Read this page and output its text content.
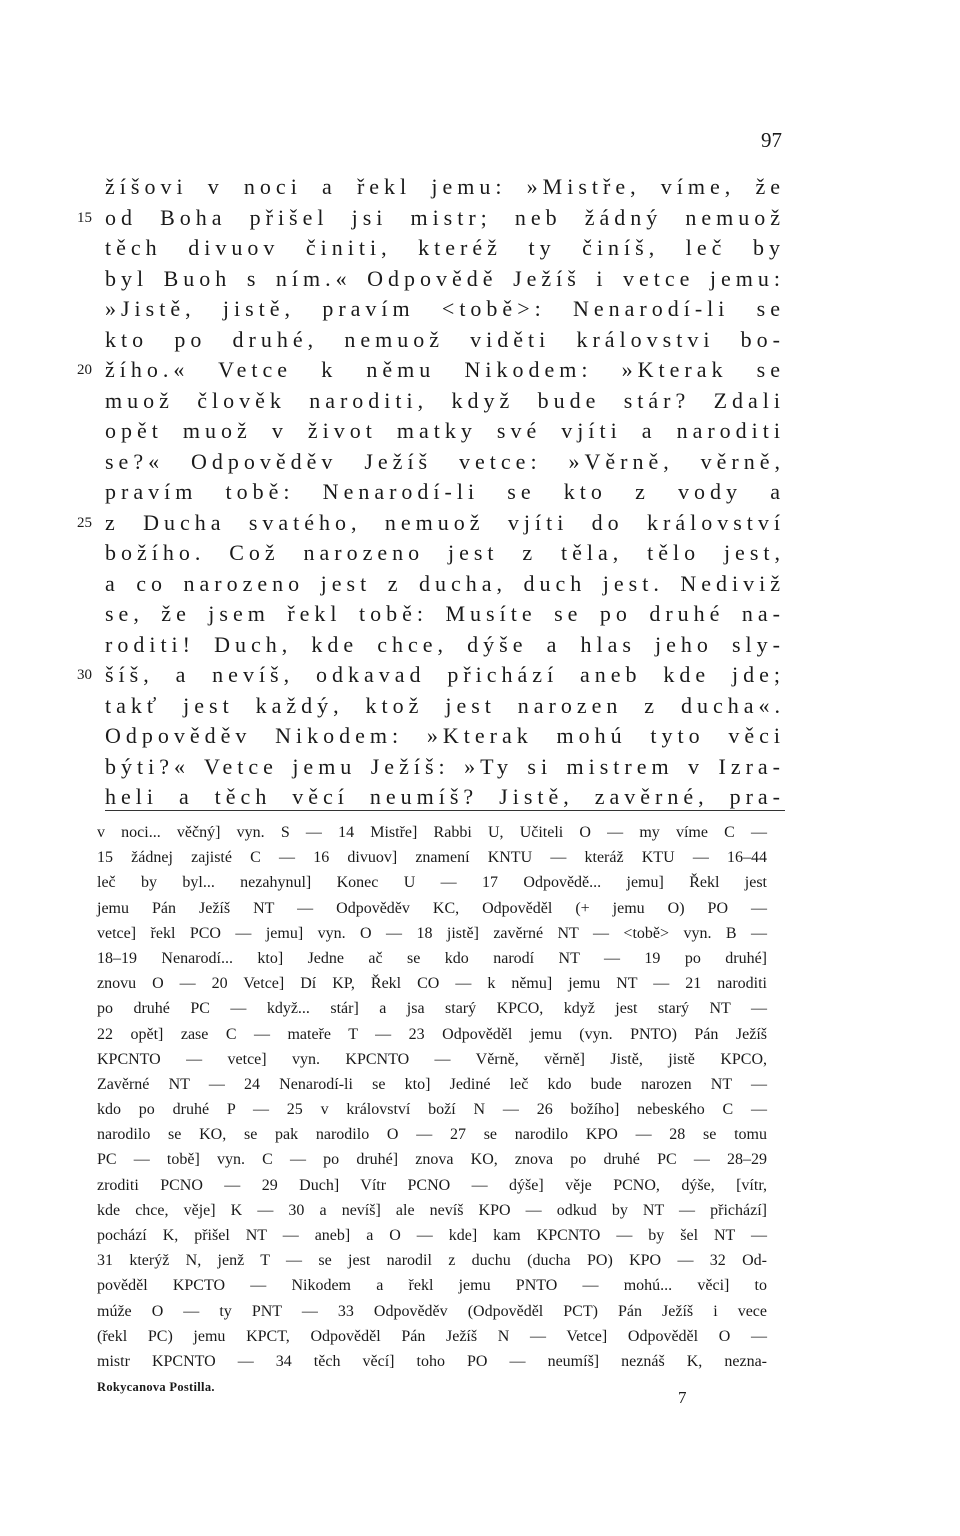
97
žíšovi v noci a řekl jemu: »Mistře, víme, že
15 od Boha přišel jsi mistr; neb žádný nemuož
těch divuov činiti, kteréž ty činíš, leč by
byl Buoh s ním.« Odpovědě Ježíš i vetce jemu:
»Jistě, jistě, pravím <tobě>: Nenarodí-li se
kto po druhé, nemuož viděti královstvi bo-
20 žího.« Vetce k němu Nikodem: »Kterak se
muož člověk naroditi, když bude stár? Zdali
opět muož v život matky své vjíti a naroditi
se?« Odpověděv Ježíš vetce: »Věrně, věrně,
pravím tobě: Nenarodí-li se kto z vody a
25 z Ducha svatého, nemuož vjíti do království
božího. Což narozeno jest z těla, tělo jest,
a co narozeno jest z ducha, duch jest. Nediviž
se, že jsem řekl tobě: Musíte se po druhé na-
roditi! Duch, kde chce, dýše a hlas jeho sly-
30 šíš, a nevíš, odkavad přichází aneb kde jde;
takť jest každý, ktož jest narozen z ducha«.
Odpověděv Nikodem: »Kterak mohú tyto věci
býti?« Vetce jemu Ježíš: »Ty si mistrem v Izra-
heli a těch věcí neumíš? Jistě, zavěrné, pra-
v noci... věčný] vyn. S — 14 Mistře] Rabbi U, Učiteli O — my víme C —
15 žádnej zajisté C — 16 divuov] znamení KNTU — kteráž KTU — 16–44
leč by byl... nezahynul] Konec U — 17 Odpovědě... jemu] Řekl jest
jemu Pán Ježíš NT — Odpověděv KC, Odpověděl (+ jemu O) PO —
vetce] řekl PCO — jemu] vyn. O — 18 jistě] zavěrné NT — <tobě> vyn. B —
18–19 Nenarodí... kto] Jedne ač se kdo narodí NT — 19 po druhé]
znovu O — 20 Vetce] Dí KP, Řekl CO — k němu] jemu NT — 21 naroditi
po druhé PC — když... stár] a jsa starý KPCO, když jest starý NT —
22 opět] zase C — mateře T — 23 Odpověděl jemu (vyn. PNTO) Pán Ježíš
KPCNTO — vetce] vyn. KPCNTO — Věrně, věrně] Jistě, jistě KPCO,
Zavěrné NT — 24 Nenarodí-li se kto] Jediné leč kdo bude narozen NT —
kdo po druhé P — 25 v království boží N — 26 božího] nebeského C —
narodilo se KO, se pak narodilo O — 27 se narodilo KPO — 28 se tomu
PC — tobě] vyn. C — po druhé] znova KO, znova po druhé PC — 28–29
zroditi PCNO — 29 Duch] Vítr PCNO — dýše] věje PCNO, dýše, [vítr,
kde chce, věje] K — 30 a nevíš] ale nevíš KPO — odkud by NT — přichází]
pochází K, přišel NT — aneb] a O — kde] kam KPCNTO — by šel NT —
31 kterýž N, jenž T — se jest narodil z duchu (ducha PO) KPO — 32 Od-
pověděl KPCTO — Nikodem a řekl jemu PNTO — mohú... věci] to
múže O — ty PNT — 33 Odpověděv (Odpověděl PCT) Pán Ježíš i vece
(řekl PC) jemu KPCT, Odpověděl Pán Ježíš N — Vetce] Odpověděl O —
mistr KPCNTO — 34 těch věcí] toho PO — neumíš] neznáš K, nezna-
Rokycanova Postilla.
7
